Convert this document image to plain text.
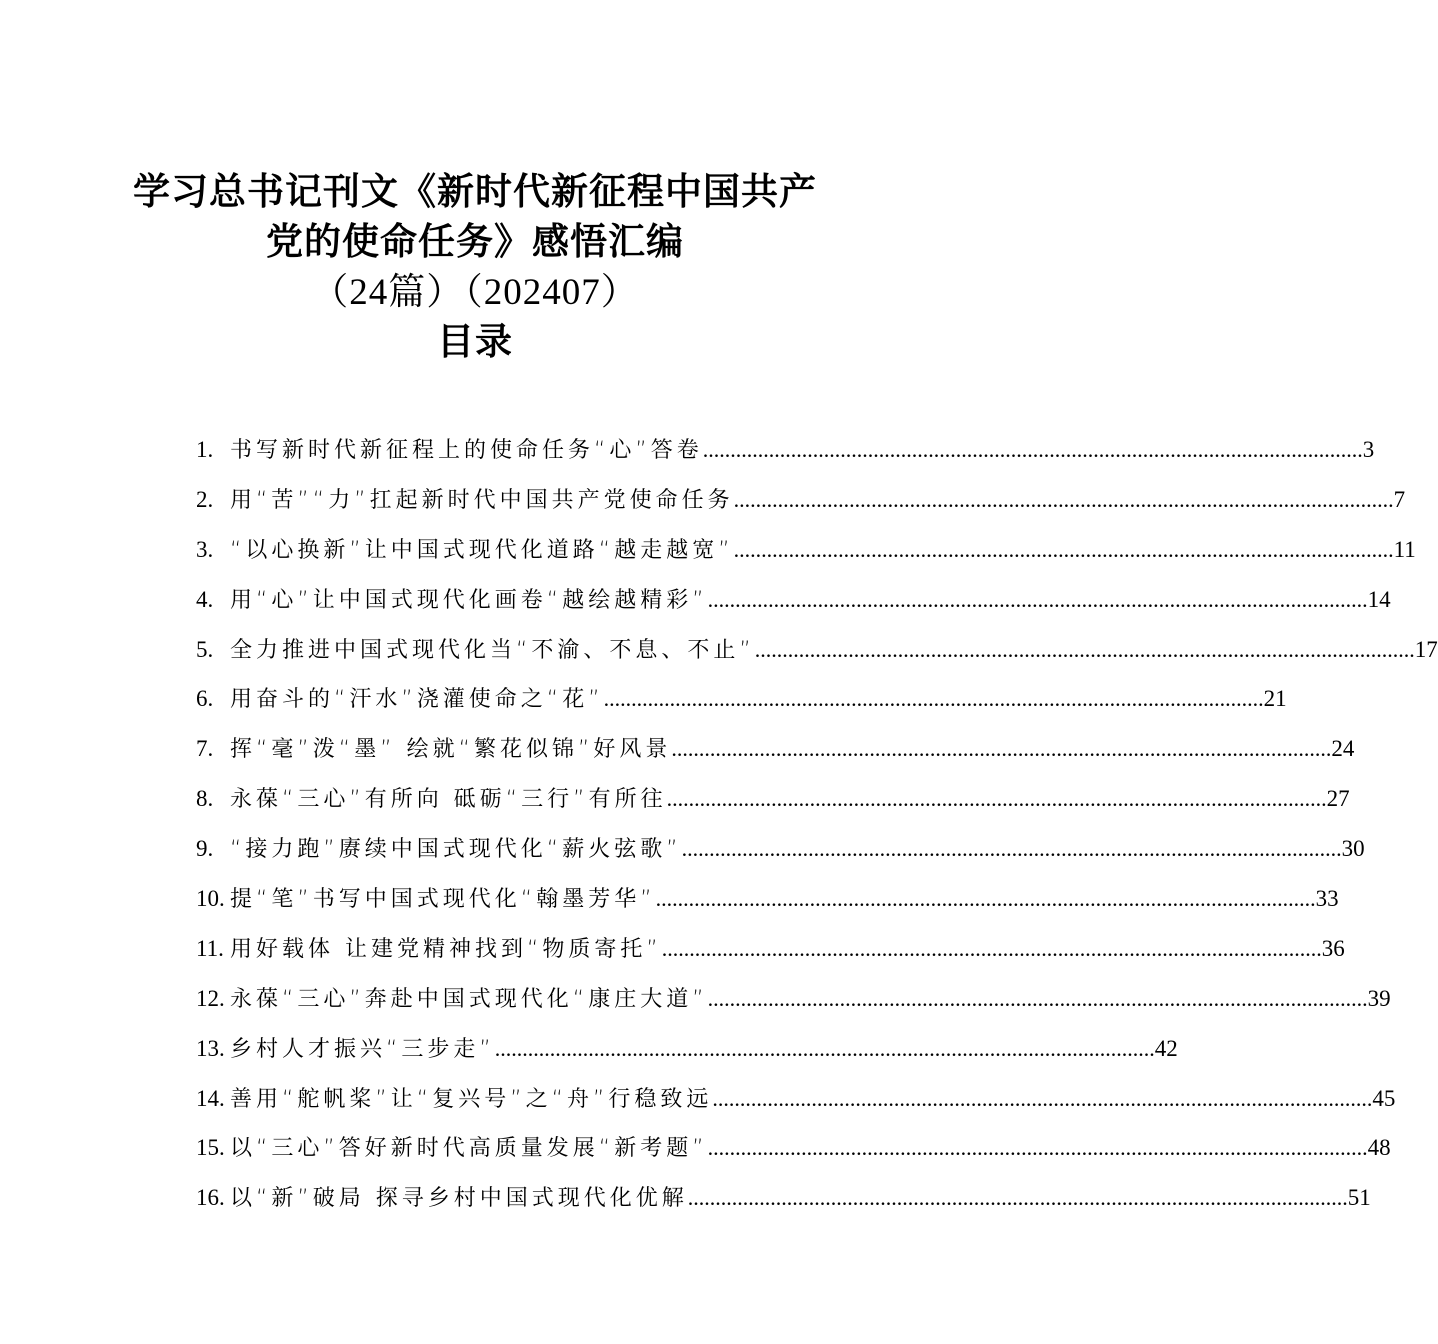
学习总书记刊文《新时代新征程中国共产
党的使命任务》感悟汇编
（24篇）（202407）
目录
1. 书写新时代新征程上的使命任务“心”答卷 .....	3
2. 用“苦”“力”扛起新时代中国共产党使命任务 .....	7
3. “以心换新”让中国式现代化道路“越走越宽” .....	11
4. 用“心”让中国式现代化画卷“越绘越精彩” .....	14
5. 全力推进中国式现代化当“不渝、不息、不止” .....	17
6. 用奋斗的“汗水”浇灌使命之“花” .....	21
7. 挥“毫”泼“墨” 绘就“繁花似锦”好风景 .....	24
8. 永葆“三心”有所向 砥砺“三行”有所往 .....	27
9. “接力跑”赓续中国式现代化“薪火弦歌” .....	30
10. 提“笔”书写中国式现代化“翰墨芳华” .....	33
11. 用好载体 让建党精神找到“物质寄托” .....	36
12. 永葆“三心”奔赴中国式现代化“康庄大道” .....	39
13. 乡村人才振兴“三步走” .....	42
14. 善用“舵帆桨”让“复兴号”之“舟”行稳致远 .....	45
15. 以“三心”答好新时代高质量发展“新考题” .....	48
16. 以“新”破局 探寻乡村中国式现代化优解 .....	51
